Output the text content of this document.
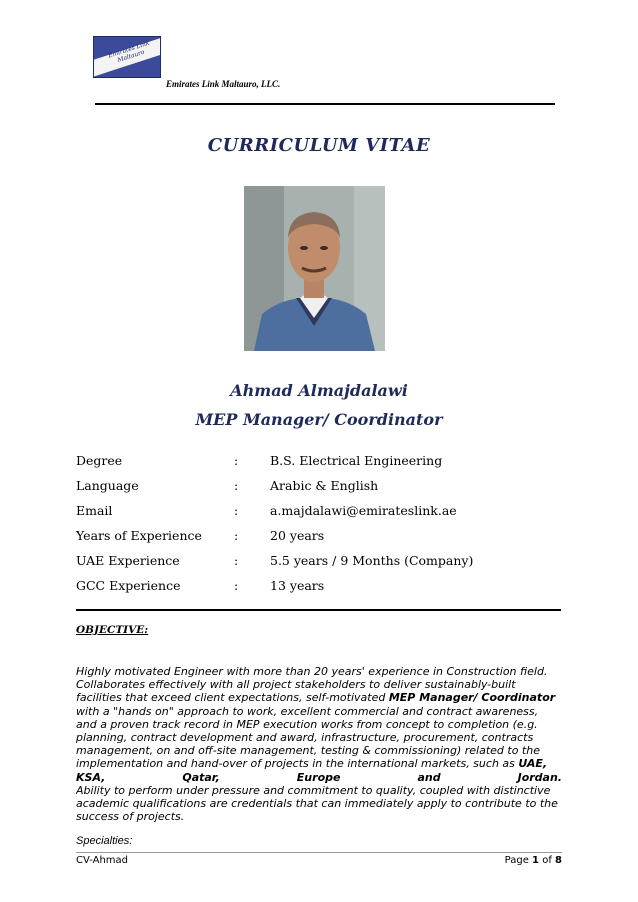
Emirates Link Maltauro
Emirates Link Maltauro, LLC.
CURRICULUM VITAE
Ahmad Almajdalawi
MEP Manager/ Coordinator
Degree	:	B.S. Electrical Engineering
Language	:	Arabic & English
Email	:	a.majdalawi@emirateslink.ae
Years of Experience	:	20 years
UAE Experience	:	5.5 years / 9 Months (Company)
GCC Experience	:	13 years
OBJECTIVE:
Highly motivated Engineer with more than 20 years' experience in Construction field.
Collaborates effectively with all project stakeholders to deliver sustainably-built
facilities that exceed client expectations, self-motivated MEP Manager/ Coordinator
with a "hands on" approach to work, excellent commercial and contract awareness,
and a proven track record in MEP execution works from concept to completion (e.g.
planning, contract development and award, infrastructure, procurement, contracts
management, on and off-site management, testing & commissioning) related to the
implementation and hand-over of projects in the international markets, such as UAE,
KSA,	Qatar,	Europe	and	Jordan.
Ability to perform under pressure and commitment to quality, coupled with distinctive
academic qualifications are credentials that can immediately apply to contribute to the
success of projects.
Specialties:
CV-Ahmad	Page 1 of 8
